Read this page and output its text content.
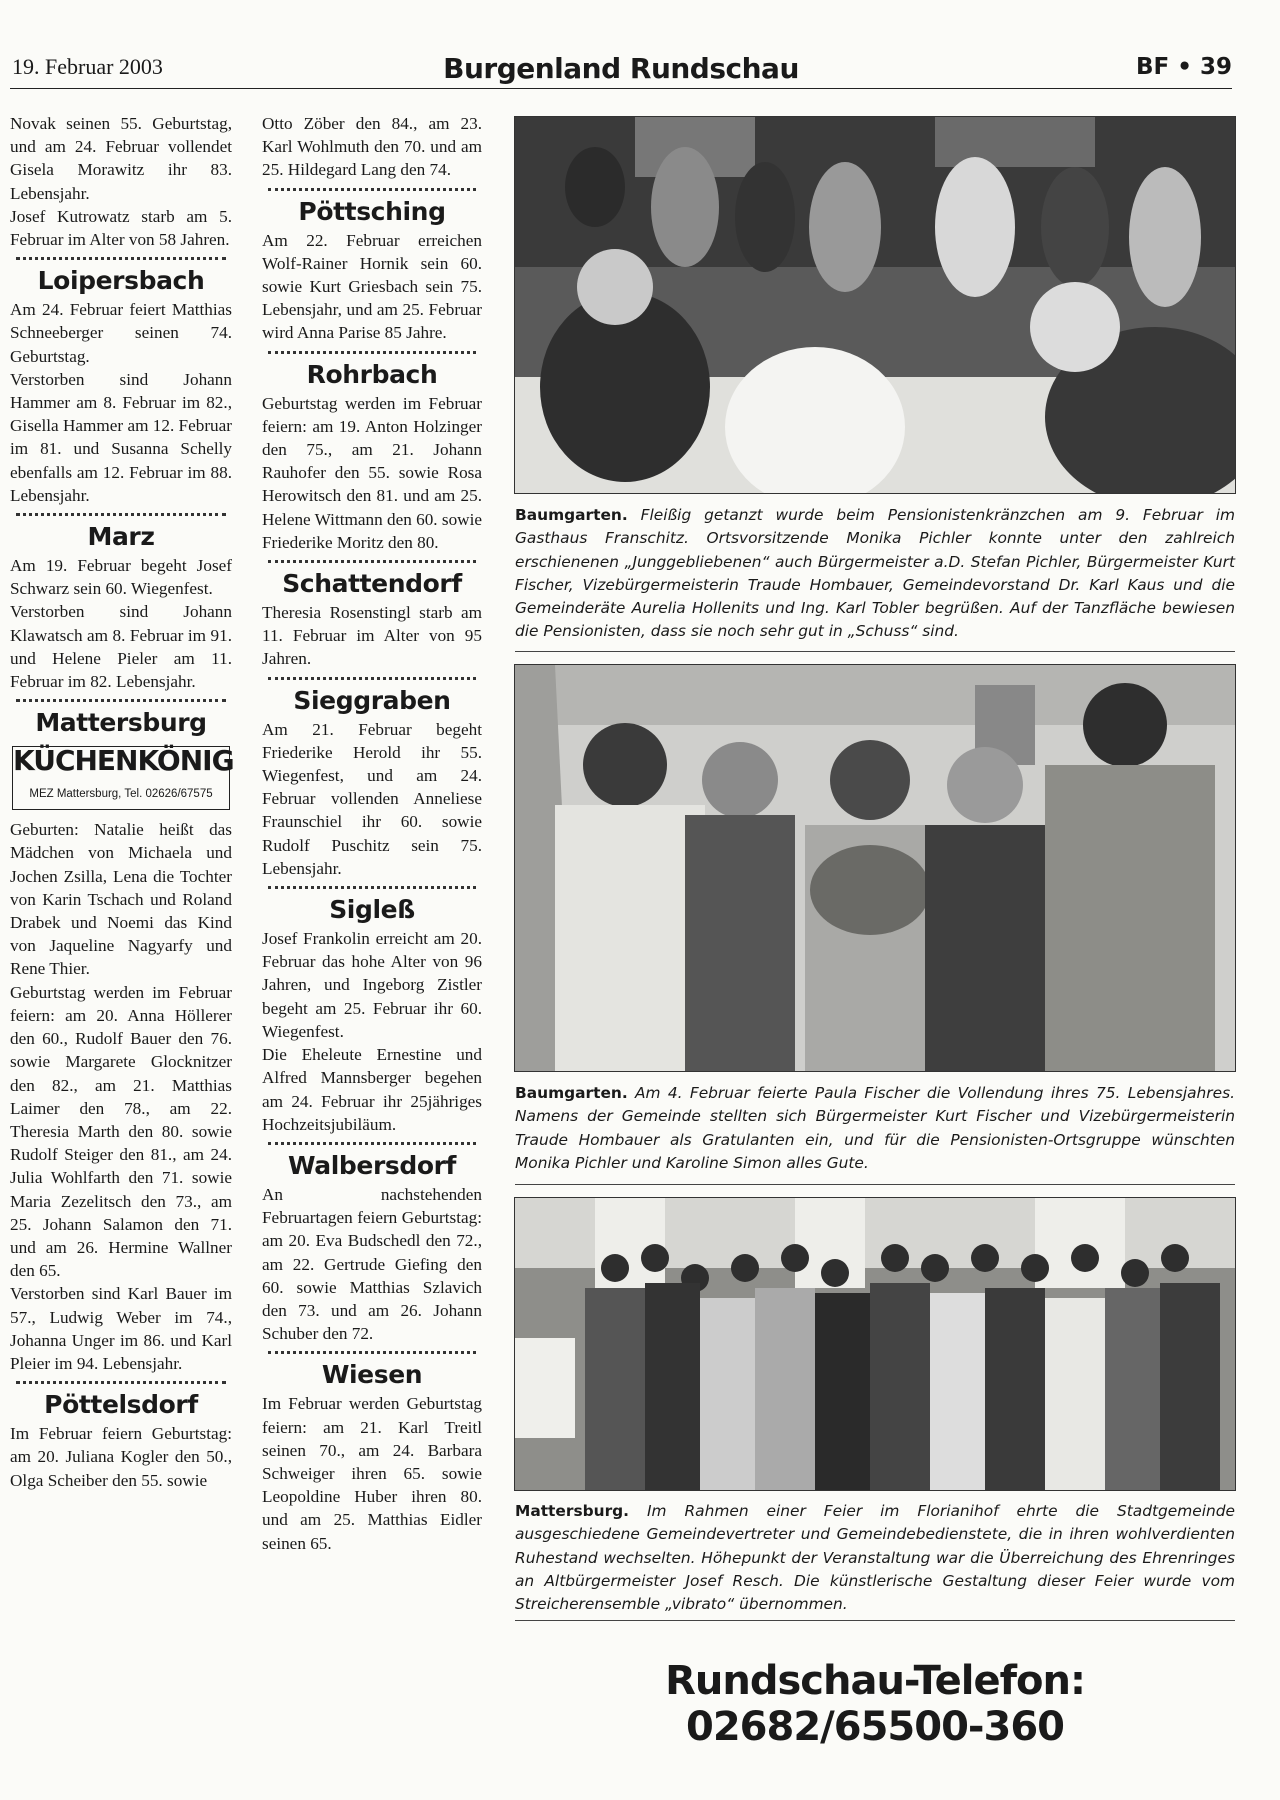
19. Februar 2003	Burgenland Rundschau	BF • 39

Novak seinen 55. Geburtstag, und am 24. Februar vollendet Gisela Morawitz ihr 83. Lebensjahr.

Josef Kutrowatz starb am 5. Februar im Alter von 58 Jahren.

Loipersbach

Am 24. Februar feiert Matthias Schneeberger seinen 74. Geburtstag.

Verstorben sind Johann Hammer am 8. Februar im 82., Gisella Hammer am 12. Februar im 81. und Susanna Schelly ebenfalls am 12. Februar im 88. Lebensjahr.

Marz

Am 19. Februar begeht Josef Schwarz sein 60. Wiegenfest.

Verstorben sind Johann Klawatsch am 8. Februar im 91. und Helene Pieler am 11. Februar im 82. Lebensjahr.

Mattersburg
KÜCHENKÖNIG
MEZ Mattersburg, Tel. 02626/67575

Geburten: Natalie heißt das Mädchen von Michaela und Jochen Zsilla, Lena die Tochter von Karin Tschach und Roland Drabek und Noemi das Kind von Jaqueline Nagyarfy und Rene Thier.

Geburtstag werden im Februar feiern: am 20. Anna Höllerer den 60., Rudolf Bauer den 76. sowie Margarete Glocknitzer den 82., am 21. Matthias Laimer den 78., am 22. Theresia Marth den 80. sowie Rudolf Steiger den 81., am 24. Julia Wohlfarth den 71. sowie Maria Zezelitsch den 73., am 25. Johann Salamon den 71. und am 26. Hermine Wallner den 65.

Verstorben sind Karl Bauer im 57., Ludwig Weber im 74., Johanna Unger im 86. und Karl Pleier im 94. Lebensjahr.

Pöttelsdorf

Im Februar feiern Geburtstag: am 20. Juliana Kogler den 50., Olga Scheiber den 55. sowie

Otto Zöber den 84., am 23. Karl Wohlmuth den 70. und am 25. Hildegard Lang den 74.

Pöttsching

Am 22. Februar erreichen Wolf-Rainer Hornik sein 60. sowie Kurt Griesbach sein 75. Lebensjahr, und am 25. Februar wird Anna Parise 85 Jahre.

Rohrbach

Geburtstag werden im Februar feiern: am 19. Anton Holzinger den 75., am 21. Johann Rauhofer den 55. sowie Rosa Herowitsch den 81. und am 25. Helene Wittmann den 60. sowie Friederike Moritz den 80.

Schattendorf

Theresia Rosenstingl starb am 11. Februar im Alter von 95 Jahren.

Sieggraben

Am 21. Februar begeht Friederike Herold ihr 55. Wiegenfest, und am 24. Februar vollenden Anneliese Fraunschiel ihr 60. sowie Rudolf Puschitz sein 75. Lebensjahr.

Sigleß

Josef Frankolin erreicht am 20. Februar das hohe Alter von 96 Jahren, und Ingeborg Zistler begeht am 25. Februar ihr 60. Wiegenfest.

Die Eheleute Ernestine und Alfred Mannsberger begehen am 24. Februar ihr 25jähriges Hochzeitsjubiläum.

Walbersdorf

An nachstehenden Februartagen feiern Geburtstag: am 20. Eva Budschedl den 72., am 22. Gertrude Giefing den 60. sowie Matthias Szlavich den 73. und am 26. Johann Schuber den 72.

Wiesen

Im Februar werden Geburtstag feiern: am 21. Karl Treitl seinen 70., am 24. Barbara Schweiger ihren 65. sowie Leopoldine Huber ihren 80. und am 25. Matthias Eidler seinen 65.

Baumgarten. Fleißig getanzt wurde beim Pensionistenkränzchen am 9. Februar im Gasthaus Franschitz. Ortsvorsitzende Monika Pichler konnte unter den zahlreich erschienenen „Junggebliebenen“ auch Bürgermeister a.D. Stefan Pichler, Bürgermeister Kurt Fischer, Vizebürgermeisterin Traude Hombauer, Gemeindevorstand Dr. Karl Kaus und die Gemeinderäte Aurelia Hollenits und Ing. Karl Tobler begrüßen. Auf der Tanzfläche bewiesen die Pensionisten, dass sie noch sehr gut in „Schuss“ sind.
Baumgarten. Am 4. Februar feierte Paula Fischer die Vollendung ihres 75. Lebensjahres. Namens der Gemeinde stellten sich Bürgermeister Kurt Fischer und Vizebürgermeisterin Traude Hombauer als Gratulanten ein, und für die Pensionisten-Ortsgruppe wünschten Monika Pichler und Karoline Simon alles Gute.
Mattersburg. Im Rahmen einer Feier im Florianihof ehrte die Stadtgemeinde ausgeschiedene Gemeindevertreter und Gemeindebedienstete, die in ihren wohlverdienten Ruhestand wechselten. Höhepunkt der Veranstaltung war die Überreichung des Ehrenringes an Altbürgermeister Josef Resch. Die künstlerische Gestaltung dieser Feier wurde vom Streicherensemble „vibrato“ übernommen.
Rundschau-Telefon: 02682/65500-360
